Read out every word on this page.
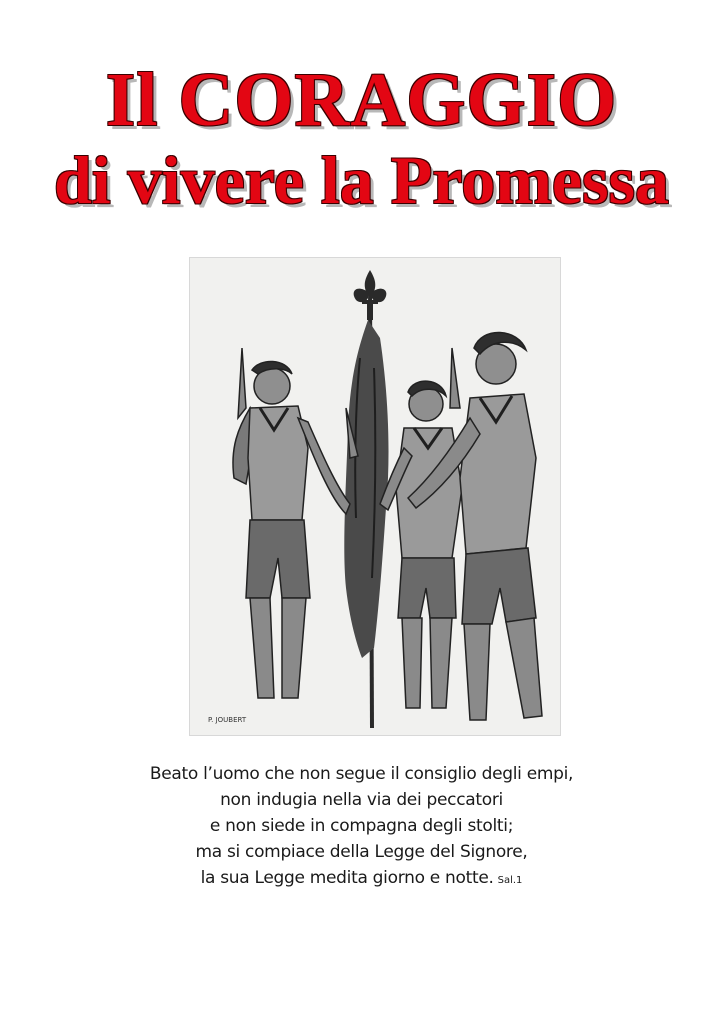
Il CORAGGIO
di vivere la Promessa
P. JOUBERT
Beato l’uomo che non segue il consiglio degli empi,
non indugia nella via dei peccatori
e non siede in compagna degli stolti;
ma si compiace della Legge del Signore,
la sua Legge medita giorno e notte. Sal.1
